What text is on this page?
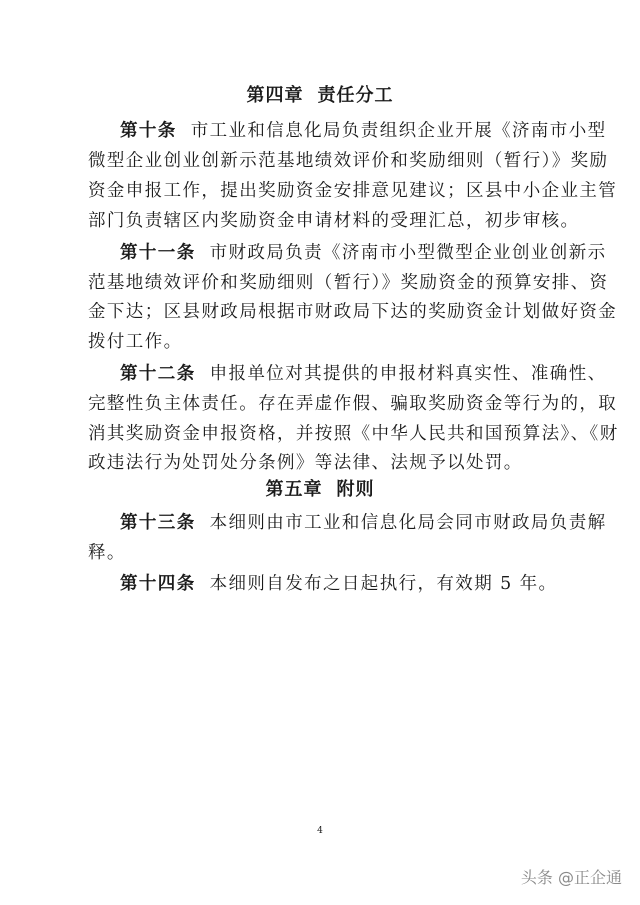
第四章 责任分工
第十条 市工业和信息化局负责组织企业开展《济南市小型
微型企业创业创新示范基地绩效评价和奖励细则（暂行）》奖励
资金申报工作，提出奖励资金安排意见建议；区县中小企业主管
部门负责辖区内奖励资金申请材料的受理汇总，初步审核。
第十一条 市财政局负责《济南市小型微型企业创业创新示
范基地绩效评价和奖励细则（暂行）》奖励资金的预算安排、资
金下达；区县财政局根据市财政局下达的奖励资金计划做好资金
拨付工作。
第十二条 申报单位对其提供的申报材料真实性、准确性、
完整性负主体责任。存在弄虚作假、骗取奖励资金等行为的，取
消其奖励资金申报资格，并按照《中华人民共和国预算法》、《财
政违法行为处罚处分条例》等法律、法规予以处罚。
第五章 附则
第十三条 本细则由市工业和信息化局会同市财政局负责解
释。
第十四条 本细则自发布之日起执行，有效期 5 年。
4
头条 @正企通
